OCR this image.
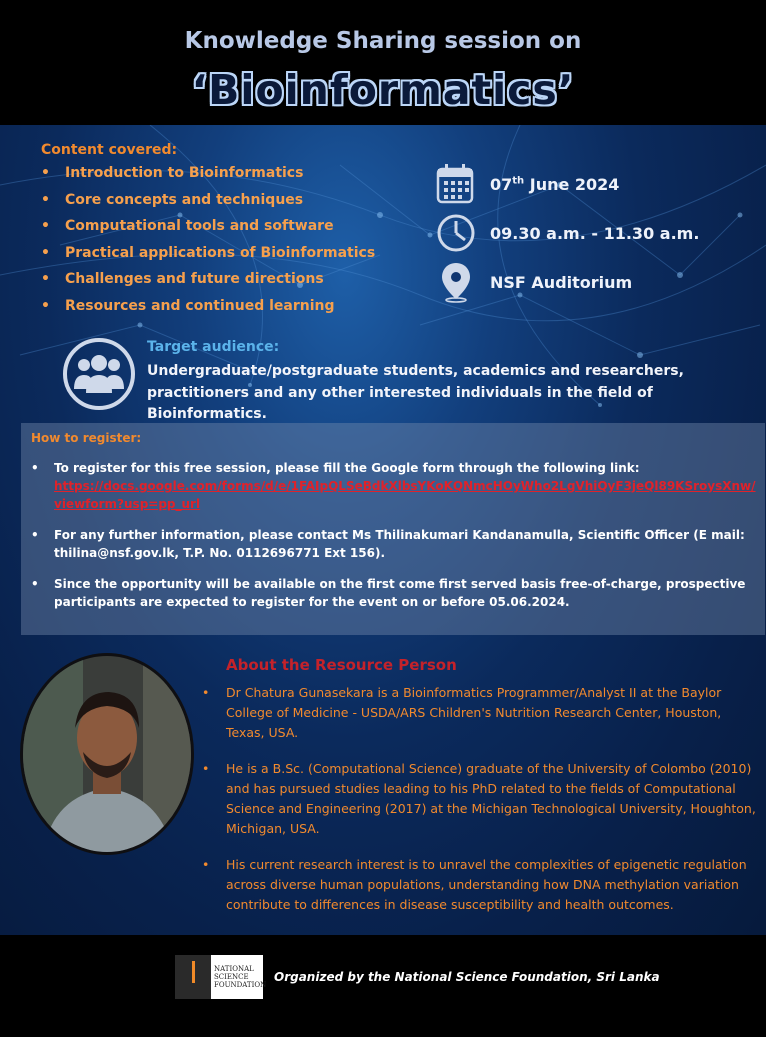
Knowledge Sharing session on
‘Bioinformatics’
Content covered:
• Introduction to Bioinformatics
• Core concepts and techniques
• Computational tools and software
• Practical applications of Bioinformatics
• Challenges and future directions
• Resources and continued learning
07th June 2024
09.30 a.m. - 11.30 a.m.
NSF Auditorium
Target audience:
Undergraduate/postgraduate students, academics and researchers, practitioners and any other interested individuals in the field of Bioinformatics.
How to register:
• To register for this free session, please fill the Google form through the following link:
https://docs.google.com/forms/d/e/1FAIpQLSeBdkXlbsYKoKQNmcHOyWho2LgVhiQyF3jeQl89KSroysXnw/viewform?usp=pp_url
• For any further information, please contact Ms Thilinakumari Kandanamulla, Scientific Officer (E mail: thilina@nsf.gov.lk, T.P. No. 0112696771 Ext 156).
• Since the opportunity will be available on the first come first served basis free-of-charge, prospective participants are expected to register for the event on or before 05.06.2024.
About the Resource Person
• Dr Chatura Gunasekara is a Bioinformatics Programmer/Analyst II at the Baylor College of Medicine - USDA/ARS Children's Nutrition Research Center, Houston, Texas, USA.
• He is a B.Sc. (Computational Science) graduate of the University of Colombo (2010) and has pursued studies leading to his PhD related to the fields of Computational Science and Engineering (2017) at the Michigan Technological University, Houghton, Michigan, USA.
• His current research interest is to unravel the complexities of epigenetic regulation across diverse human populations, understanding how DNA methylation variation contribute to differences in disease susceptibility and health outcomes.
NATIONAL
SCIENCE
FOUNDATION
Organized by the National Science Foundation, Sri Lanka
